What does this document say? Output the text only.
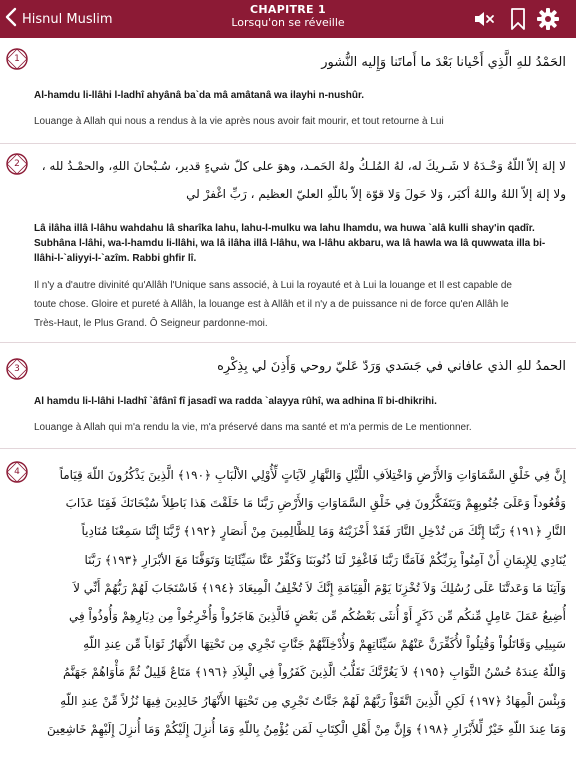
Hisnul Muslim
CHAPITRE 1
Lorsqu'on se réveille
1	الحَمْدُ للهِ الَّذِي أَحْيانا بَعْدَ ما أَماتَنا وَإِليه النُّشور
Al-hamdu li-llâhi l-ladhî ahyânâ ba`da mâ amâtanâ wa ilayhi n-nushûr.
Louange à Allah qui nous a rendus à la vie après nous avoir fait mourir, et tout retourne à Lui
2	لا إلهَ إلاّ اللّهُ وَحْـدَهُ لا شَـريكَ له، لهُ المُلـكُ ولهُ الحَمـد، وهوَ على كلّ شيءٍ قدير، سُـبْحانَ اللهِ، والحمْـدُ لله ،
ولا إلهَ إلاّ اللهُ واللهُ أكبَر، وَلا حَولَ وَلا قوّة إلاّ باللّهِ العليّ العظيم ، رَبِّ اغْفرْ لي
Lâ ilâha illâ l-lâhu wahdahu lâ sharîka lahu, lahu-l-mulku wa lahu lhamdu, wa huwa `alâ kulli shay'in qadîr.
Subhâna l-lâhi, wa-l-hamdu li-llâhi, wa lâ ilâha illâ l-lâhu, wa l-lâhu akbaru, wa lâ hawla wa lâ quwwata illa bi-
llâhi-l-`aliyyi-l-`azîm. Rabbi ghfir lî.
Il n'y a d'autre divinité qu'Allâh l'Unique sans associé, à Lui la royauté et à Lui la louange et Il est capable de
toute chose. Gloire et pureté à Allâh, la louange est à Allâh et il n'y a de puissance ni de force qu'en Allâh le
Très-Haut, le Plus Grand. Ô Seigneur pardonne-moi.
3	الحمدُ للهِ الذي عافاني في جَسَدي وَرَدّ عَليّ روحي وَأَذِنَ لي بِذِكْرِه
Al hamdu li-l-lâhi l-ladhî `âfânî fî jasadî wa radda `alayya rûhî, wa adhina lî bi-dhikrihi.
Louange à Allah qui m'a rendu la vie, m'a préservé dans ma santé et m'a permis de Le mentionner.
4	إِنَّ فِي خَلْقِ السَّمَاوَاتِ وَالأَرْضِ وَاخْتِلاَفِ اللَّيْلِ وَالنَّهَارِ لآيَاتٍ لِّأُوْلِي الألْبَابِ ﴿١٩٠﴾ الَّذِينَ يَذْكُرُونَ اللّهَ قِيَاماً
وَقُعُوداً وَعَلَىَ جُنُوبِهِمْ وَيَتَفَكَّرُونَ فِي خَلْقِ السَّمَاوَاتِ وَالأَرْضِ رَبَّنَا مَا خَلَقْتَ هَذا بَاطِلاً سُبْحَانَكَ فَقِنَا عَذَابَ
النَّارِ ﴿١٩١﴾ رَبَّنَا إِنَّكَ مَن تُدْخِلِ النَّارَ فَقَدْ أَخْزَيْتَهُ وَمَا لِلظَّالِمِينَ مِنْ أَنصَارٍ ﴿١٩٢﴾ رَّبَّنَا إِنَّنَا سَمِعْنَا مُنَادِياً
يُنَادِي لِلإِيمَانِ أَنْ آمِنُواْ بِرَبِّكُمْ فَآمَنَّا رَبَّنَا فَاغْفِرْ لَنَا ذُنُوبَنَا وَكَفِّرْ عَنَّا سَيِّئَاتِنَا وَتَوَفَّنَا مَعَ الأبْرَارِ ﴿١٩٣﴾ رَبَّنَا
وَآتِنَا مَا وَعَدتَّنَا عَلَى رُسُلِكَ وَلاَ تُخْزِنَا يَوْمَ الْقِيَامَةِ إِنَّكَ لاَ تُخْلِفُ الْمِيعَادَ ﴿١٩٤﴾ فَاسْتَجَابَ لَهُمْ رَبُّهُمْ أَنِّي لاَ
أُضِيعُ عَمَلَ عَامِلٍ مِّنكُم مِّن ذَكَرٍ أَوْ أُنثَى بَعْضُكُم مِّن بَعْضٍ فَالَّذِينَ هَاجَرُواْ وَأُخْرِجُواْ مِن دِيَارِهِمْ وَأُوذُواْ فِي
سَبِيلِي وَقَاتَلُواْ وَقُتِلُواْ لأُكَفِّرَنَّ عَنْهُمْ سَيِّئَاتِهِمْ وَلأُدْخِلَنَّهُمْ جَنَّاتٍ تَجْرِي مِن تَحْتِهَا الأَنْهَارُ ثَوَاباً مِّن عِندِ اللّهِ
وَاللّهُ عِندَهُ حُسْنُ الثَّوَابِ ﴿١٩٥﴾ لاَ يَغُرَّنَّكَ تَقَلُّبُ الَّذِينَ كَفَرُواْ فِي الْبِلاَدِ ﴿١٩٦﴾ مَتَاعٌ قَلِيلٌ ثُمَّ مَأْوَاهُمْ جَهَنَّمُ
وَبِئْسَ الْمِهَادُ ﴿١٩٧﴾ لَكِنِ الَّذِينَ اتَّقَوْاْ رَبَّهُمْ لَهُمْ جَنَّاتٌ تَجْرِي مِن تَحْتِهَا الأَنْهَارُ خَالِدِينَ فِيهَا نُزُلاً مِّنْ عِندِ اللّهِ
وَمَا عِندَ اللّهِ خَيْرٌ لِّلأَبْرَارِ ﴿١٩٨﴾ وَإِنَّ مِنْ أَهْلِ الْكِتَابِ لَمَن يُؤْمِنُ بِاللّهِ وَمَا أُنزِلَ إِلَيْكُمْ وَمَا أُنزِلَ إِلَيْهِمْ خَاشِعِينَ
